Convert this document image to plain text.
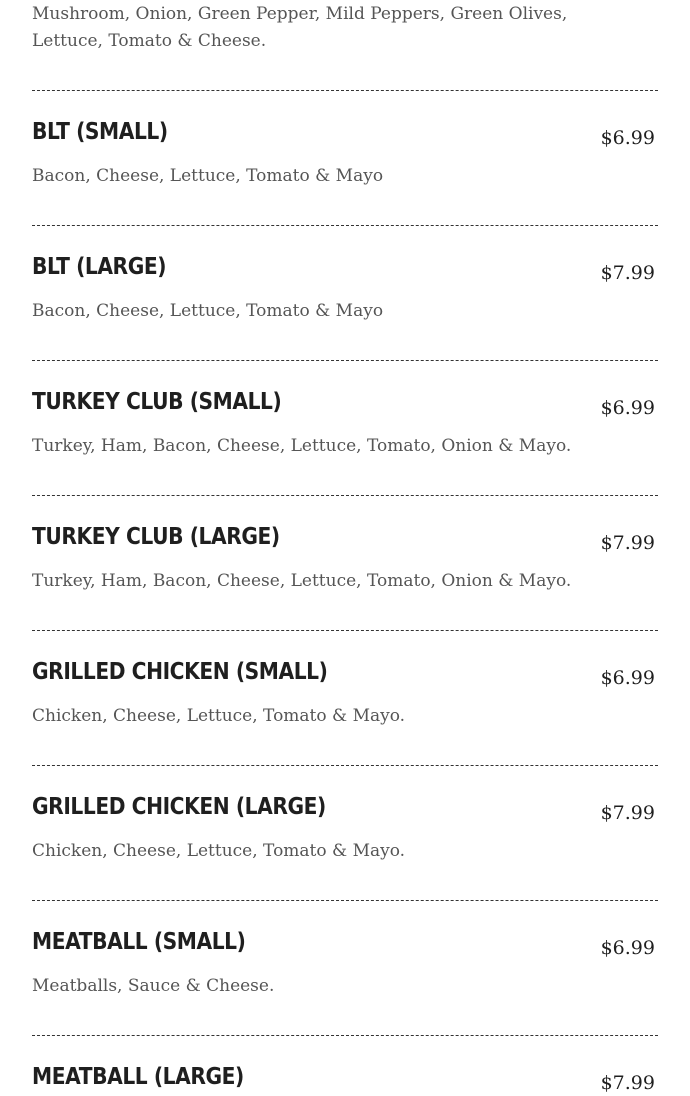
Mushroom, Onion, Green Pepper, Mild Peppers, Green Olives, Lettuce, Tomato & Cheese.
BLT (SMALL)	$6.99
Bacon, Cheese, Lettuce, Tomato & Mayo
BLT (LARGE)	$7.99
Bacon, Cheese, Lettuce, Tomato & Mayo
TURKEY CLUB (SMALL)	$6.99
Turkey, Ham, Bacon, Cheese, Lettuce, Tomato, Onion & Mayo.
TURKEY CLUB (LARGE)	$7.99
Turkey, Ham, Bacon, Cheese, Lettuce, Tomato, Onion & Mayo.
GRILLED CHICKEN (SMALL)	$6.99
Chicken, Cheese, Lettuce, Tomato & Mayo.
GRILLED CHICKEN (LARGE)	$7.99
Chicken, Cheese, Lettuce, Tomato & Mayo.
MEATBALL (SMALL)	$6.99
Meatballs, Sauce & Cheese.
MEATBALL (LARGE)	$7.99
